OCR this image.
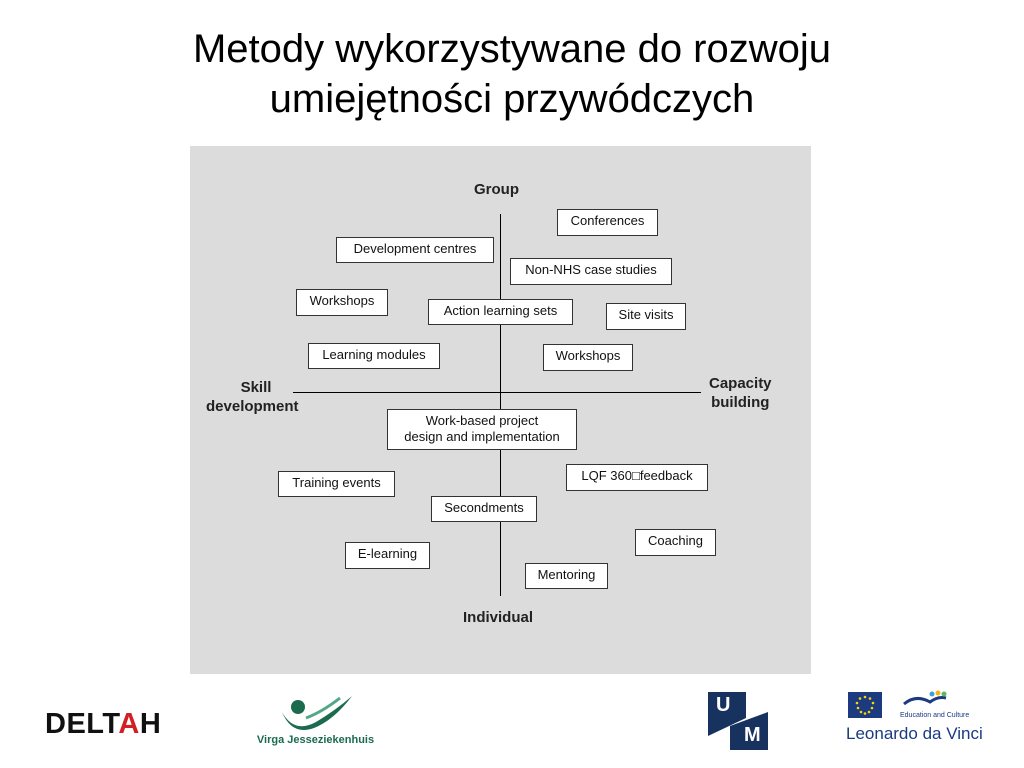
Metody wykorzystywane do rozwoju
umiejętności przywódczych
Group
Individual
Skill
development
Capacity
building
Conferences
Development centres
Non-NHS case studies
Workshops
Action learning sets	Site visits
Learning modules	Workshops
Work-based project
design and implementation
Training events	LQF 360□feedback
Secondments
Coaching
E-learning
Mentoring
DELTAH	Virga Jesseziekenhuis
U
M
Education and Culture
Leonardo da Vinci
